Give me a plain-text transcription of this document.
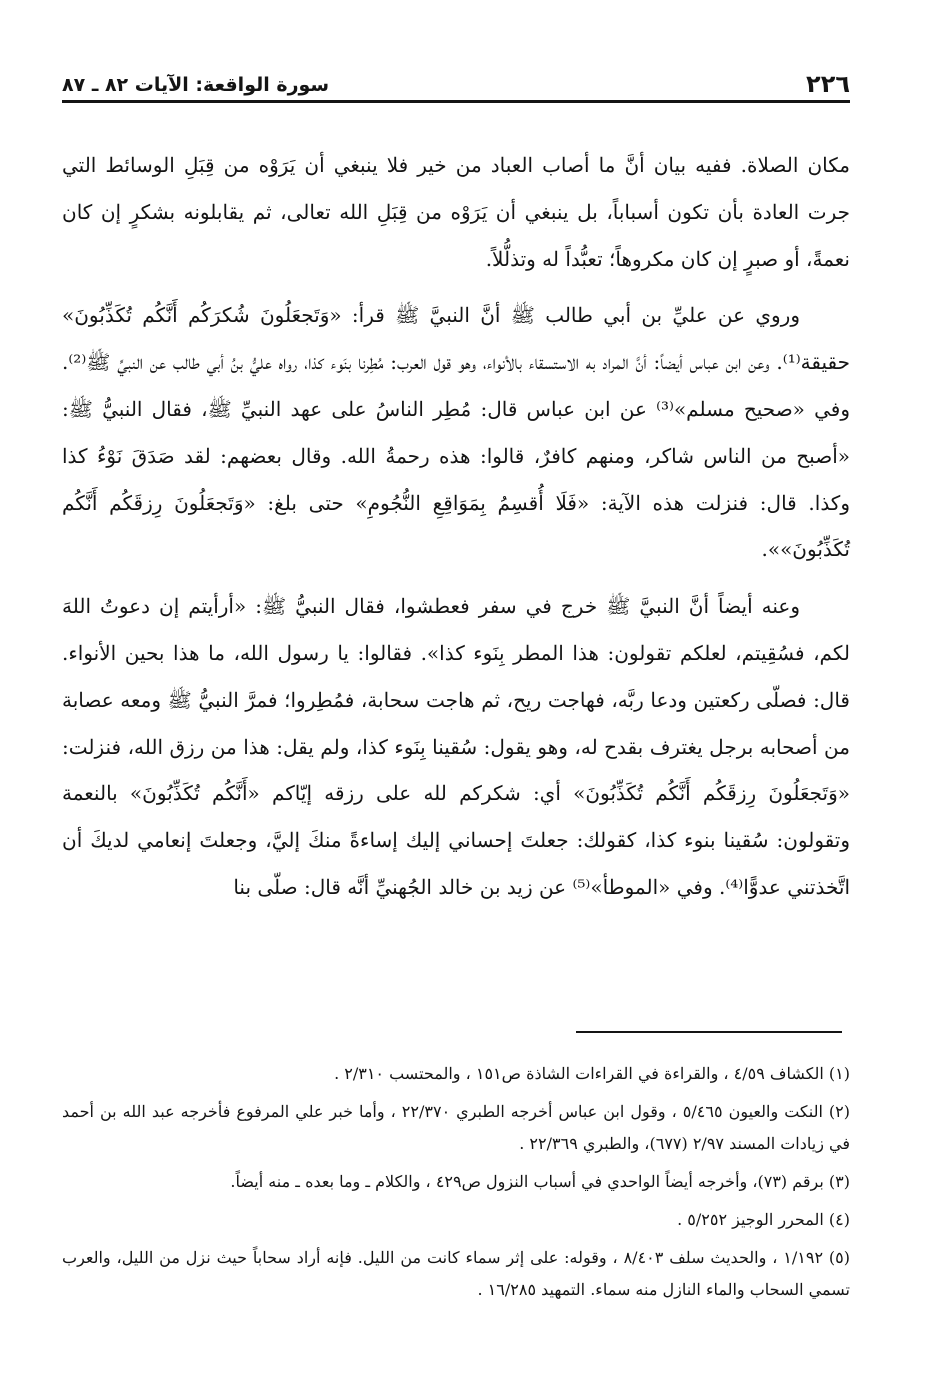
٢٢٦
سورة الواقعة: الآيات ٨٢ ـ ٨٧

مكان الصلاة. ففيه بيان أنَّ ما أصاب العباد من خير فلا ينبغي أن يَرَوْه من قِبَلِ الوسائط التي جرت العادة بأن تكون أسباباً، بل ينبغي أن يَرَوْه من قِبَلِ الله تعالى، ثم يقابلونه بشكرٍ إن كان نعمةً، أو صبرٍ إن كان مكروهاً؛ تعبُّداً له وتذلُّلاً.

وروي عن عليِّ بن أبي طالب ﷺ أنَّ النبيَّ ﷺ قرأ: «وَتَجعَلُونَ شُكرَكُم أَنَّكُم تُكَذِّبُونَ» حقيقة⁽¹⁾. وعن ابن عباس أيضاً: أنَّ المراد به الاستسقاء بالأنواء، وهو قول العرب: مُطِرنا بنَوء كذا، رواه عليُّ بنُ أبي طالب عن النبيِّ ﷺ⁽²⁾. وفي «صحيح مسلم»⁽³⁾ عن ابن عباس قال: مُطِر الناسُ على عهد النبيِّ ﷺ، فقال النبيُّ ﷺ: «أصبح من الناس شاكر، ومنهم كافرٌ، قالوا: هذه رحمةُ الله. وقال بعضهم: لقد صَدَقَ نَوْءُ كذا وكذا. قال: فنزلت هذه الآية: «فَلَا أُقسِمُ بِمَوَاقِعِ النُّجُومِ» حتى بلغ: «وَتَجعَلُونَ رِزقَكُم أَنَّكُم تُكَذِّبُونَ»».

وعنه أيضاً أنَّ النبيَّ ﷺ خرج في سفر فعطشوا، فقال النبيُّ ﷺ: «أرأيتم إن دعوتُ اللهَ لكم، فسُقِيتم، لعلكم تقولون: هذا المطر بِنَوء كذا». فقالوا: يا رسول الله، ما هذا بحين الأنواء. قال: فصلّى ركعتين ودعا ربَّه، فهاجت ريح، ثم هاجت سحابة، فمُطِروا؛ فمرَّ النبيُّ ﷺ ومعه عصابة من أصحابه برجل يغترف بقدح له، وهو يقول: سُقينا بِنَوء كذا، ولم يقل: هذا من رزق الله، فنزلت: «وَتَجعَلُونَ رِزقَكُم أَنَّكُم تُكَذِّبُونَ» أي: شكركم لله على رزقه إيّاكم «أَنَّكُم تُكَذِّبُونَ» بالنعمة وتقولون: سُقينا بنوء كذا، كقولك: جعلتَ إحساني إليك إساءةً منكَ إليَّ، وجعلتَ إنعامي لديكَ أن اتَّخذتني عدوًّا⁽⁴⁾. وفي «الموطأ»⁽⁵⁾ عن زيد بن خالد الجُهنيِّ أنَّه قال: صلّى بنا

(١) الكشاف ٤/٥٩ ، والقراءة في القراءات الشاذة ص١٥١ ، والمحتسب ٢/٣١٠ .

(٢) النكت والعيون ٥/٤٦٥ ، وقول ابن عباس أخرجه الطبري ٢٢/٣٧٠ ، وأما خبر علي المرفوع فأخرجه عبد الله بن أحمد في زيادات المسند ٢/٩٧ (٦٧٧)، والطبري ٢٢/٣٦٩ .

(٣) برقم (٧٣)، وأخرجه أيضاً الواحدي في أسباب النزول ص٤٢٩ ، والكلام ـ وما بعده ـ منه أيضاً.

(٤) المحرر الوجيز ٥/٢٥٢ .

(٥) ١/١٩٢ ، والحديث سلف ٨/٤٠٣ ، وقوله: على إثر سماء كانت من الليل. فإنه أراد سحاباً حيث نزل من الليل، والعرب تسمي السحاب والماء النازل منه سماء. التمهيد ١٦/٢٨٥ .
